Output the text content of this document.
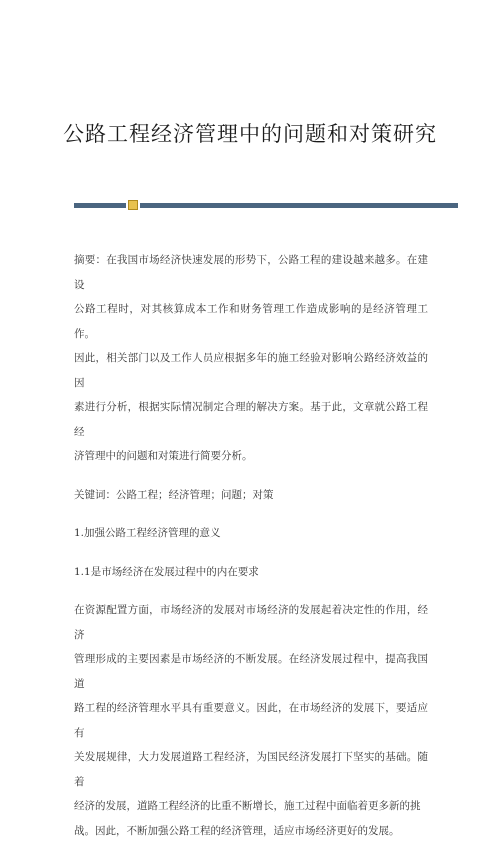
公路工程经济管理中的问题和对策研究

摘要：在我国市场经济快速发展的形势下，公路工程的建设越来越多。在建设

公路工程时，对其核算成本工作和财务管理工作造成影响的是经济管理工作。

因此，相关部门以及工作人员应根据多年的施工经验对影响公路经济效益的因

素进行分析，根据实际情况制定合理的解决方案。基于此，文章就公路工程经

济管理中的问题和对策进行简要分析。

关键词：公路工程；经济管理；问题；对策

1.加强公路工程经济管理的意义

1.1是市场经济在发展过程中的内在要求

在资源配置方面，市场经济的发展对市场经济的发展起着决定性的作用，经济

管理形成的主要因素是市场经济的不断发展。在经济发展过程中，提高我国道

路工程的经济管理水平具有重要意义。因此，在市场经济的发展下，要适应有

关发展规律，大力发展道路工程经济，为国民经济发展打下坚实的基础。随着

经济的发展，道路工程经济的比重不断增长，施工过程中面临着更多新的挑

战。因此，不断加强公路工程的经济管理，适应市场经济更好的发展。
